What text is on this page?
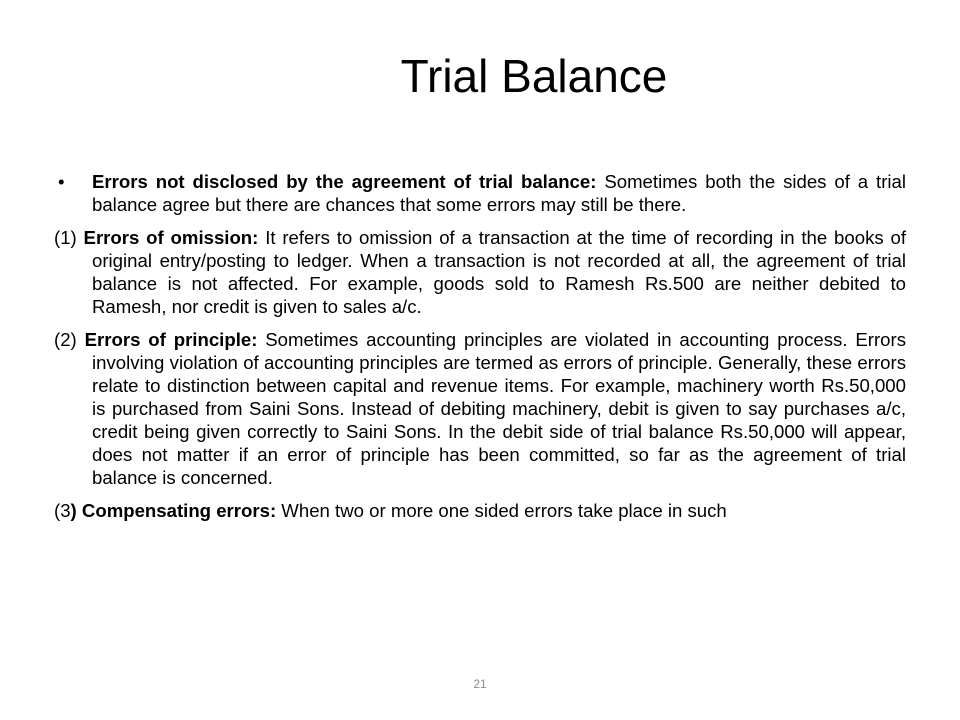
Trial Balance

• Errors not disclosed by the agreement of trial balance: Sometimes both the sides of a trial balance agree but there are chances that some errors may still be there.

(1) Errors of omission: It refers to omission of a transaction at the time of recording in the books of original entry/posting to ledger. When a transaction is not recorded at all, the agreement of trial balance is not affected. For example, goods sold to Ramesh Rs.500 are neither debited to Ramesh, nor credit is given to sales a/c.

(2) Errors of principle: Sometimes accounting principles are violated in accounting process. Errors involving violation of accounting principles are termed as errors of principle. Generally, these errors relate to distinction between capital and revenue items. For example, machinery worth Rs.50,000 is purchased from Saini Sons. Instead of debiting machinery, debit is given to say purchases a/c, credit being given correctly to Saini Sons. In the debit side of trial balance Rs.50,000 will appear, does not matter if an error of principle has been committed, so far as the agreement of trial balance is concerned.

(3) Compensating errors: When two or more one sided errors take place in such

21
